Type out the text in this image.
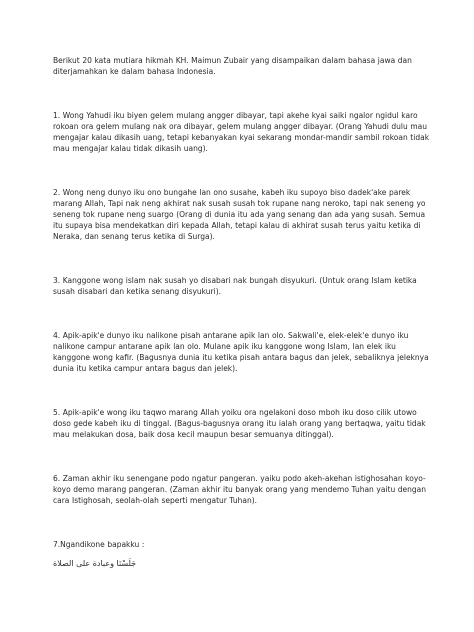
Berikut 20 kata mutiara hikmah KH. Maimun Zubair yang disampaikan dalam bahasa jawa dan diterjamahkan ke dalam bahasa Indonesia.

1. Wong Yahudi iku biyen gelem mulang angger dibayar, tapi akehe kyai saiki ngalor ngidul karo rokoan ora gelem mulang nak ora dibayar, gelem mulang angger dibayar. (Orang Yahudi dulu mau mengajar kalau dikasih uang, tetapi kebanyakan kyai sekarang mondar-mandir sambil rokoan tidak mau mengajar kalau tidak dikasih uang).

2. Wong neng dunyo iku ono bungahe lan ono susahe, kabeh iku supoyo biso dadek'ake parek marang Allah, Tapi nak neng akhirat nak susah susah tok rupane nang neroko, tapi nak seneng yo seneng tok rupane neng suargo (Orang di dunia itu ada yang senang dan ada yang susah. Semua itu supaya bisa mendekatkan diri kepada Allah, tetapi kalau di akhirat susah terus yaitu ketika di Neraka, dan senang terus ketika di Surga).

3. Kanggone wong islam nak susah yo disabari nak bungah disyukuri. (Untuk orang Islam ketika susah disabari dan ketika senang disyukuri).

4. Apik-apik'e dunyo iku nalikone pisah antarane apik lan olo. Sakwali'e, elek-elek'e dunyo iku nalikone campur antarane apik lan olo. Mulane apik iku kanggone wong Islam, lan elek iku kanggone wong kafir. (Bagusnya dunia itu ketika pisah antara bagus dan jelek, sebaliknya jeleknya dunia itu ketika campur antara bagus dan jelek).

5. Apik-apik'e wong iku taqwo marang Allah yoiku ora ngelakoni doso mboh iku doso cilik utowo doso gede kabeh iku di tinggal. (Bagus-bagusnya orang itu ialah orang yang bertaqwa, yaitu tidak mau melakukan dosa, baik dosa kecil maupun besar semuanya ditinggal).

6. Zaman akhir iku senengane podo ngatur pangeran. yaiku podo akeh-akehan istighosahan koyo-koyo demo marang pangeran. (Zaman akhir itu banyak orang yang mendemo Tuhan yaitu dengan cara Istighosah, seolah-olah seperti mengatur Tuhan).

7.Ngandikone bapakku :

جَلَسْنَا وعبادة على الصلاة
